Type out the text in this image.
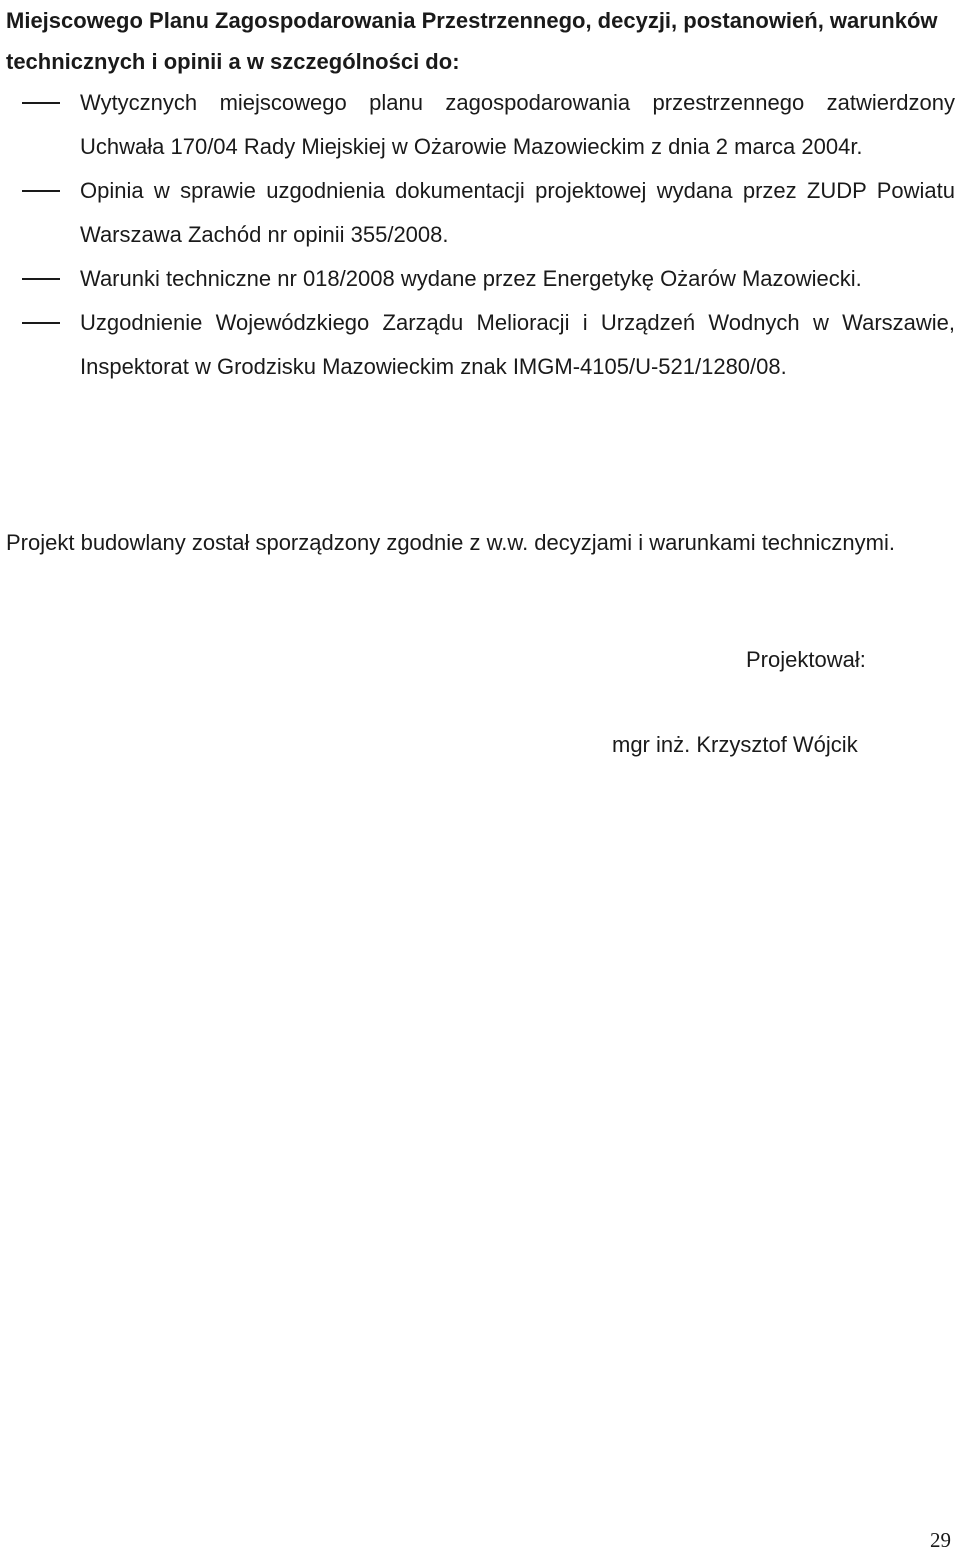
Miejscowego Planu Zagospodarowania Przestrzennego, decyzji, postanowień, warunków technicznych i opinii a w szczególności do:

Wytycznych miejscowego planu zagospodarowania przestrzennego zatwierdzony Uchwała 170/04 Rady Miejskiej w Ożarowie Mazowieckim z dnia 2 marca 2004r.
Opinia w sprawie uzgodnienia dokumentacji projektowej wydana przez ZUDP Powiatu Warszawa Zachód nr opinii 355/2008.
Warunki techniczne nr 018/2008 wydane przez Energetykę Ożarów Mazowiecki.
Uzgodnienie Wojewódzkiego Zarządu Melioracji i Urządzeń Wodnych w Warszawie, Inspektorat w Grodzisku Mazowieckim znak IMGM-4105/U-521/1280/08.

Projekt budowlany został sporządzony zgodnie z w.w. decyzjami i warunkami technicznymi.

Projektował:
mgr inż. Krzysztof Wójcik
29
